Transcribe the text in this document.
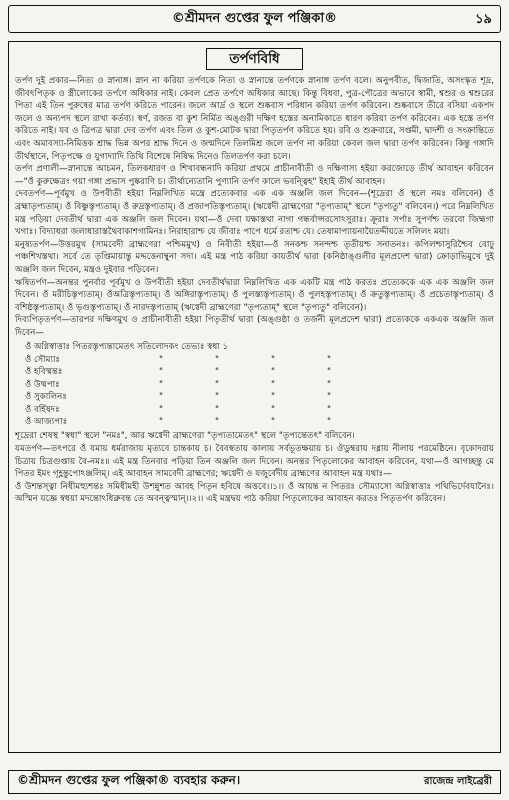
©শ্রীমদন গুপ্তের ফুল পঞ্জিকা®	১৯
তর্পণবিধি

তর্পণ দুই প্রকার—নিত্য ও স্নানাঙ্গ। স্নান না করিয়া তর্পণকে নিত্য ও স্নানান্তে তর্পণকে স্নানাঙ্গ তর্পণ বলে। অনুপবীত, দ্বিজাতি, অসংস্কৃত শূদ্র, জীবৎপিতৃক ও স্ত্রীলোকের তর্পণে অধিকার নাই। কেবল প্রেত তর্পণে অধিকার আছে। কিন্তু বিধবা, পুত্র-পৌত্রের অভাবে স্বামী, শ্বশুর ও শ্বশুরের পিতা এই তিন পুরুষের মাত্র তর্পণ করিতে পারেন। জলে আর্দ্র ও স্থলে শুষ্কবাস পরিধান করিয়া তর্পণ করিবেন। শুষ্কবাসে তীরে বসিয়া একপদ জলে ও অন্যপদ স্থলে রাখা কর্তব্য। স্বর্ণ, রজত বা কুশ নির্মিত অঙ্গুরী দক্ষিণ হস্তের অনামিকাতে ধারণ করিয়া তর্পণ করিবেন। এক হস্তে তর্পণ করিতে নাই। যব ও ত্রিপত্র দ্বারা দেব তর্পণ এবং তিল ও কুশ-মোটক দ্বারা পিতৃতর্পণ করিতে হয়। রবি ও শুক্রবারে, সপ্তমী, দ্বাদশী ও সংক্রান্তিতে এবং অমাবস্যা-নিমিত্তক শ্রাদ্ধ ভিন্ন অপর শ্রাদ্ধ দিনে ও জন্মদিনে তিলমিশ্র জলে তর্পণ না করিয়া কেবল জল দ্বারা তর্পণ করিবেন। কিন্তু গঙ্গাদি তীর্থস্থানে, পিতৃপক্ষে ও যুগাদ্যাদি তিথি বিশেষে নিষিদ্ধ দিনেও তিলতর্পণ করা চলে।

তর্পণ প্রণালী—স্নানান্তে আচমন, তিলকধারণ ও শিখাবন্ধনাদি করিয়া প্রথমে প্রাচীনাবীতী ও দক্ষিণাস্য হইয়া করজোড়ে তীর্থ আবাহন করিবেন—"ওঁ কুরুক্ষেত্রং গয়া গঙ্গা প্রভাস পুষ্করাণি চ। তীর্থান্যেতানি পুণ্যানি তর্পণ কালে ভবন্ত্বিহ" ইহাই তীর্থ আবাহন।

দেবতর্পণ—পূর্বমুখ ও উপবীতী হইয়া নিম্নলিখিত মন্ত্রে প্রত্যেকবার এক এক অঞ্জলি জল দিবেন—(শূদ্রেরা ওঁ স্থলে নমঃ বলিবেন) ওঁ ব্রহ্মাতৃপ্যতাম্। ওঁ বিষ্ণুস্তৃপ্যতাম্। ওঁ রুদ্রস্তৃপ্যতাম্। ওঁ প্রজাপতিস্তৃপ্যতাম্। (ঋগ্বেদী ব্রাহ্মণেরা "তৃপ্যতাম্" স্থলে "তৃপ্যতু" বলিবেন।) পরে নিম্নলিখিত মন্ত্র পড়িয়া দেবতীর্থ দ্বারা এক অঞ্জলি জল দিবেন। যথা—ওঁ দেবা যক্ষাস্তথা নাগা গন্ধর্বাপ্সরসোঽসুরাঃ। ক্রূরাঃ সর্পাঃ সুপর্ণশ্চ তরবো জিহ্মগা খগাঃ। বিদ্যাধরা জলাধারাস্তথৈবাকাশগামিনঃ। নিরাহারাশ্চ যে জীবাঃ পাপে ধর্মে রতাশ্চ যে। তেষামাপ্যায়নায়ৈতদ্দীয়তে সলিলং ময়া।

মনুষ্যতর্পণ—উত্তরমুখ (সামবেদী ব্রাহ্মণেরা পশ্চিমমুখ) ও নিবীতী হইয়া—ওঁ সনকশ্চ সনন্দশ্চ তৃতীয়শ্চ সনাতনঃ। কপিলশ্চাসুরিশ্চৈব বোঢ়ু পঞ্চশিখস্তথা। সর্বে তে তৃপ্তিমায়ান্তু মদ্দত্তেনাম্বুনা সদা। এই মন্ত্র পাঠ করিয়া কায়তীর্থ দ্বারা (কনিষ্ঠাঙ্গুলীর মূলপ্রদেশ দ্বারা) ক্রোড়াভিমুখে দুই অঞ্জলি জল দিবেন, মন্ত্রও দুইবার পড়িবেন।

ঋষিতর্পণ—অনন্তর পুনর্বার পূর্বমুখ ও উপবীতী হইয়া দেবতীর্থদ্বারা নিম্নলিখিত এক একটি মন্ত্র পাঠ করতঃ প্রত্যেককে এক এক অঞ্জলি জল দিবেন। ওঁ মরীচিস্তৃপ্যতাম্। ওঁঅত্রিস্তৃপ্যতাম্। ওঁ অঙ্গিরাস্তৃপ্যতাম্। ওঁ পুলস্ত্যস্তৃপ্যতাম্। ওঁ পুলহস্তৃপ্যতাম্। ওঁ ক্রতুস্তৃপ্যতাম্। ওঁ প্রচেতাস্তৃপ্যতাম্। ওঁ বশিষ্ঠস্তৃপ্যতাম্। ওঁ ভৃগুস্তৃপ্যতাম্। ওঁ নারদস্তৃপ্যতাম্ (ঋগ্বেদী ব্রাহ্মণেরা "তৃপ্যতাম্" স্থলে "তৃপ্যতু" বলিবেন)।

দিব্যপিতৃতর্পণ—তারপর দক্ষিণমুখ ও প্রাচীনাবীতী হইয়া পিতৃতীর্থ দ্বারা (অঙ্গুষ্ঠা ও তর্জনী মূলপ্রদেশ দ্বারা) প্রত্যেককে একএক অঞ্জলি জল দিবেন—

ওঁ অগ্নিস্বাত্তাঃ পিতরস্তৃপ্যন্তামেতৎ সতিলোদকং তেভ্যঃ স্বধা ১				
ওঁ সৌম্যাঃ	"	"	"	"
ওঁ হবিষ্মন্তঃ	"	"	"	"
ওঁ উষ্মপাঃ	"	"	"	"
ওঁ সুকালিনঃ	"	"	"	"
ওঁ বর্হিষদঃ	"	"	"	"
ওঁ আজ্যপাঃ	"	"	"	"

শূদ্রেরা শেষস্থ "স্বধা" স্থলে "নমঃ", আর ঋগ্বেদী ব্রাহ্মণেরা "তৃপ্যতামেতৎ" স্থলে "তৃপ্যন্তেতৎ" বলিবেন।

যমতর্পণ—তৎপরে ওঁ যমায় ধর্মরাজায় মৃত্যবে চান্তকায় চ। বৈবস্বতায় কালায় সর্বভূতক্ষয়ায় চ। ঔডুম্বরায় দধ্নায় নীলায় পরমেষ্ঠিনে। বৃকোদরায় চিত্রায় চিত্রগুপ্তায় বৈ-নমঃ॥ এই মন্ত্র তিনবার পড়িয়া তিন অঞ্জলি জল দিবেন। অনন্তর পিতৃলোকের আবাহন করিবেন, যথা—ওঁ আগচ্ছন্তু মে পিতর ইমং গৃহ্ণন্তুপোঽঞ্জলিম্। এই আবাহন সামবেদী ব্রাহ্মণের; ঋগ্বেদী ও যজুর্বেদীয় ব্রাহ্মণের আবাহন মন্ত্র যথাঃ—

ওঁ উশন্তস্ত্বা নিধীমহ্যুশন্তঃ সমিধীমহী উশন্নুশত আবহ পিতৃন হবিষে অত্তবে।।১।। ওঁ আয়ন্ত ন পিতরঃ সৌম্যাসো অগ্নিস্বাত্তাঃ পথিভির্দেবযানৈঃ। অস্মিন যজ্ঞে স্বধয়া মদন্তোঽধিব্রুবন্ত তে অবন্ত্বস্মান্।।২।। এই মন্ত্রদ্বয় পাঠ করিয়া পিতৃলোকের আবাহন করতঃ পিতৃতর্পণ করিবেন।

©শ্রীমদন গুপ্তের ফুল পঞ্জিকা® ব্যবহার করুন।	রাজেন্দ্র লাইব্রেরী
